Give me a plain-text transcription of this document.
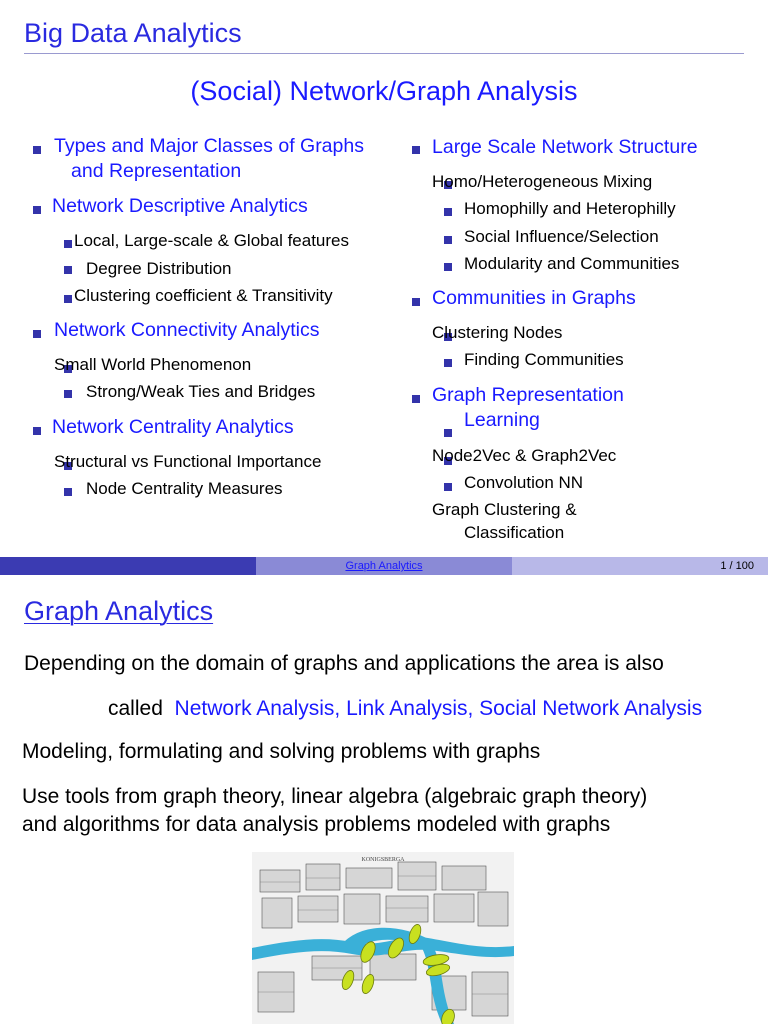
Big Data Analytics
(Social) Network/Graph Analysis
Types and Major Classes of Graphs
and Representation
Network Descriptive Analytics
Local, Large-scale & Global features
Degree Distribution
Clustering coefficient & Transitivity
Network Connectivity Analytics
Small World Phenomenon
Strong/Weak Ties and Bridges
Network Centrality Analytics
Structural vs Functional Importance
Node Centrality Measures
Large Scale Network Structure
Homo/Heterogeneous Mixing
Homophilly and Heterophilly
Social Influence/Selection
Modularity and Communities
Communities in Graphs
Clustering Nodes
Finding Communities
Graph Representation
Learning
Node2Vec & Graph2Vec
Convolution NN
Graph Clustering &
Classification
Graph Analytics	1 / 100
Graph Analytics
Depending on the domain of graphs and applications the area is also
called Network Analysis, Link Analysis, Social Network Analysis
Modeling, formulating and solving problems with graphs
Use tools from graph theory, linear algebra (algebraic graph theory)
and algorithms for data analysis problems modeled with graphs
KONIGSBERGA
